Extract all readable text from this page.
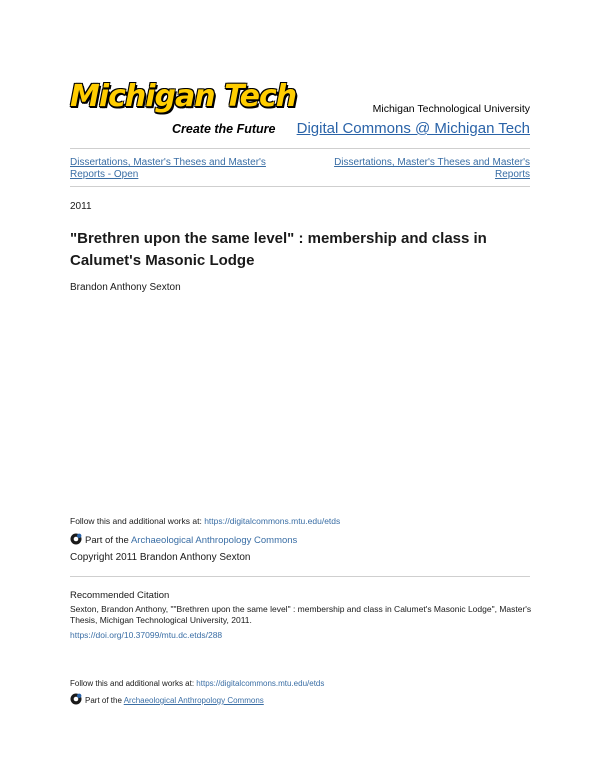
Michigan Tech
Create the Future
Michigan Technological University
Digital Commons @ Michigan Tech
Dissertations, Master's Theses and Master's Reports - Open
Dissertations, Master's Theses and Master's Reports
2011
"Brethren upon the same level" : membership and class in Calumet's Masonic Lodge
Brandon Anthony Sexton
Follow this and additional works at: https://digitalcommons.mtu.edu/etds
Part of the Archaeological Anthropology Commons
Copyright 2011 Brandon Anthony Sexton
Recommended Citation
Sexton, Brandon Anthony, ""Brethren upon the same level" : membership and class in Calumet's Masonic Lodge", Master's Thesis, Michigan Technological University, 2011.
https://doi.org/10.37099/mtu.dc.etds/288
Follow this and additional works at: https://digitalcommons.mtu.edu/etds
Part of the Archaeological Anthropology Commons
